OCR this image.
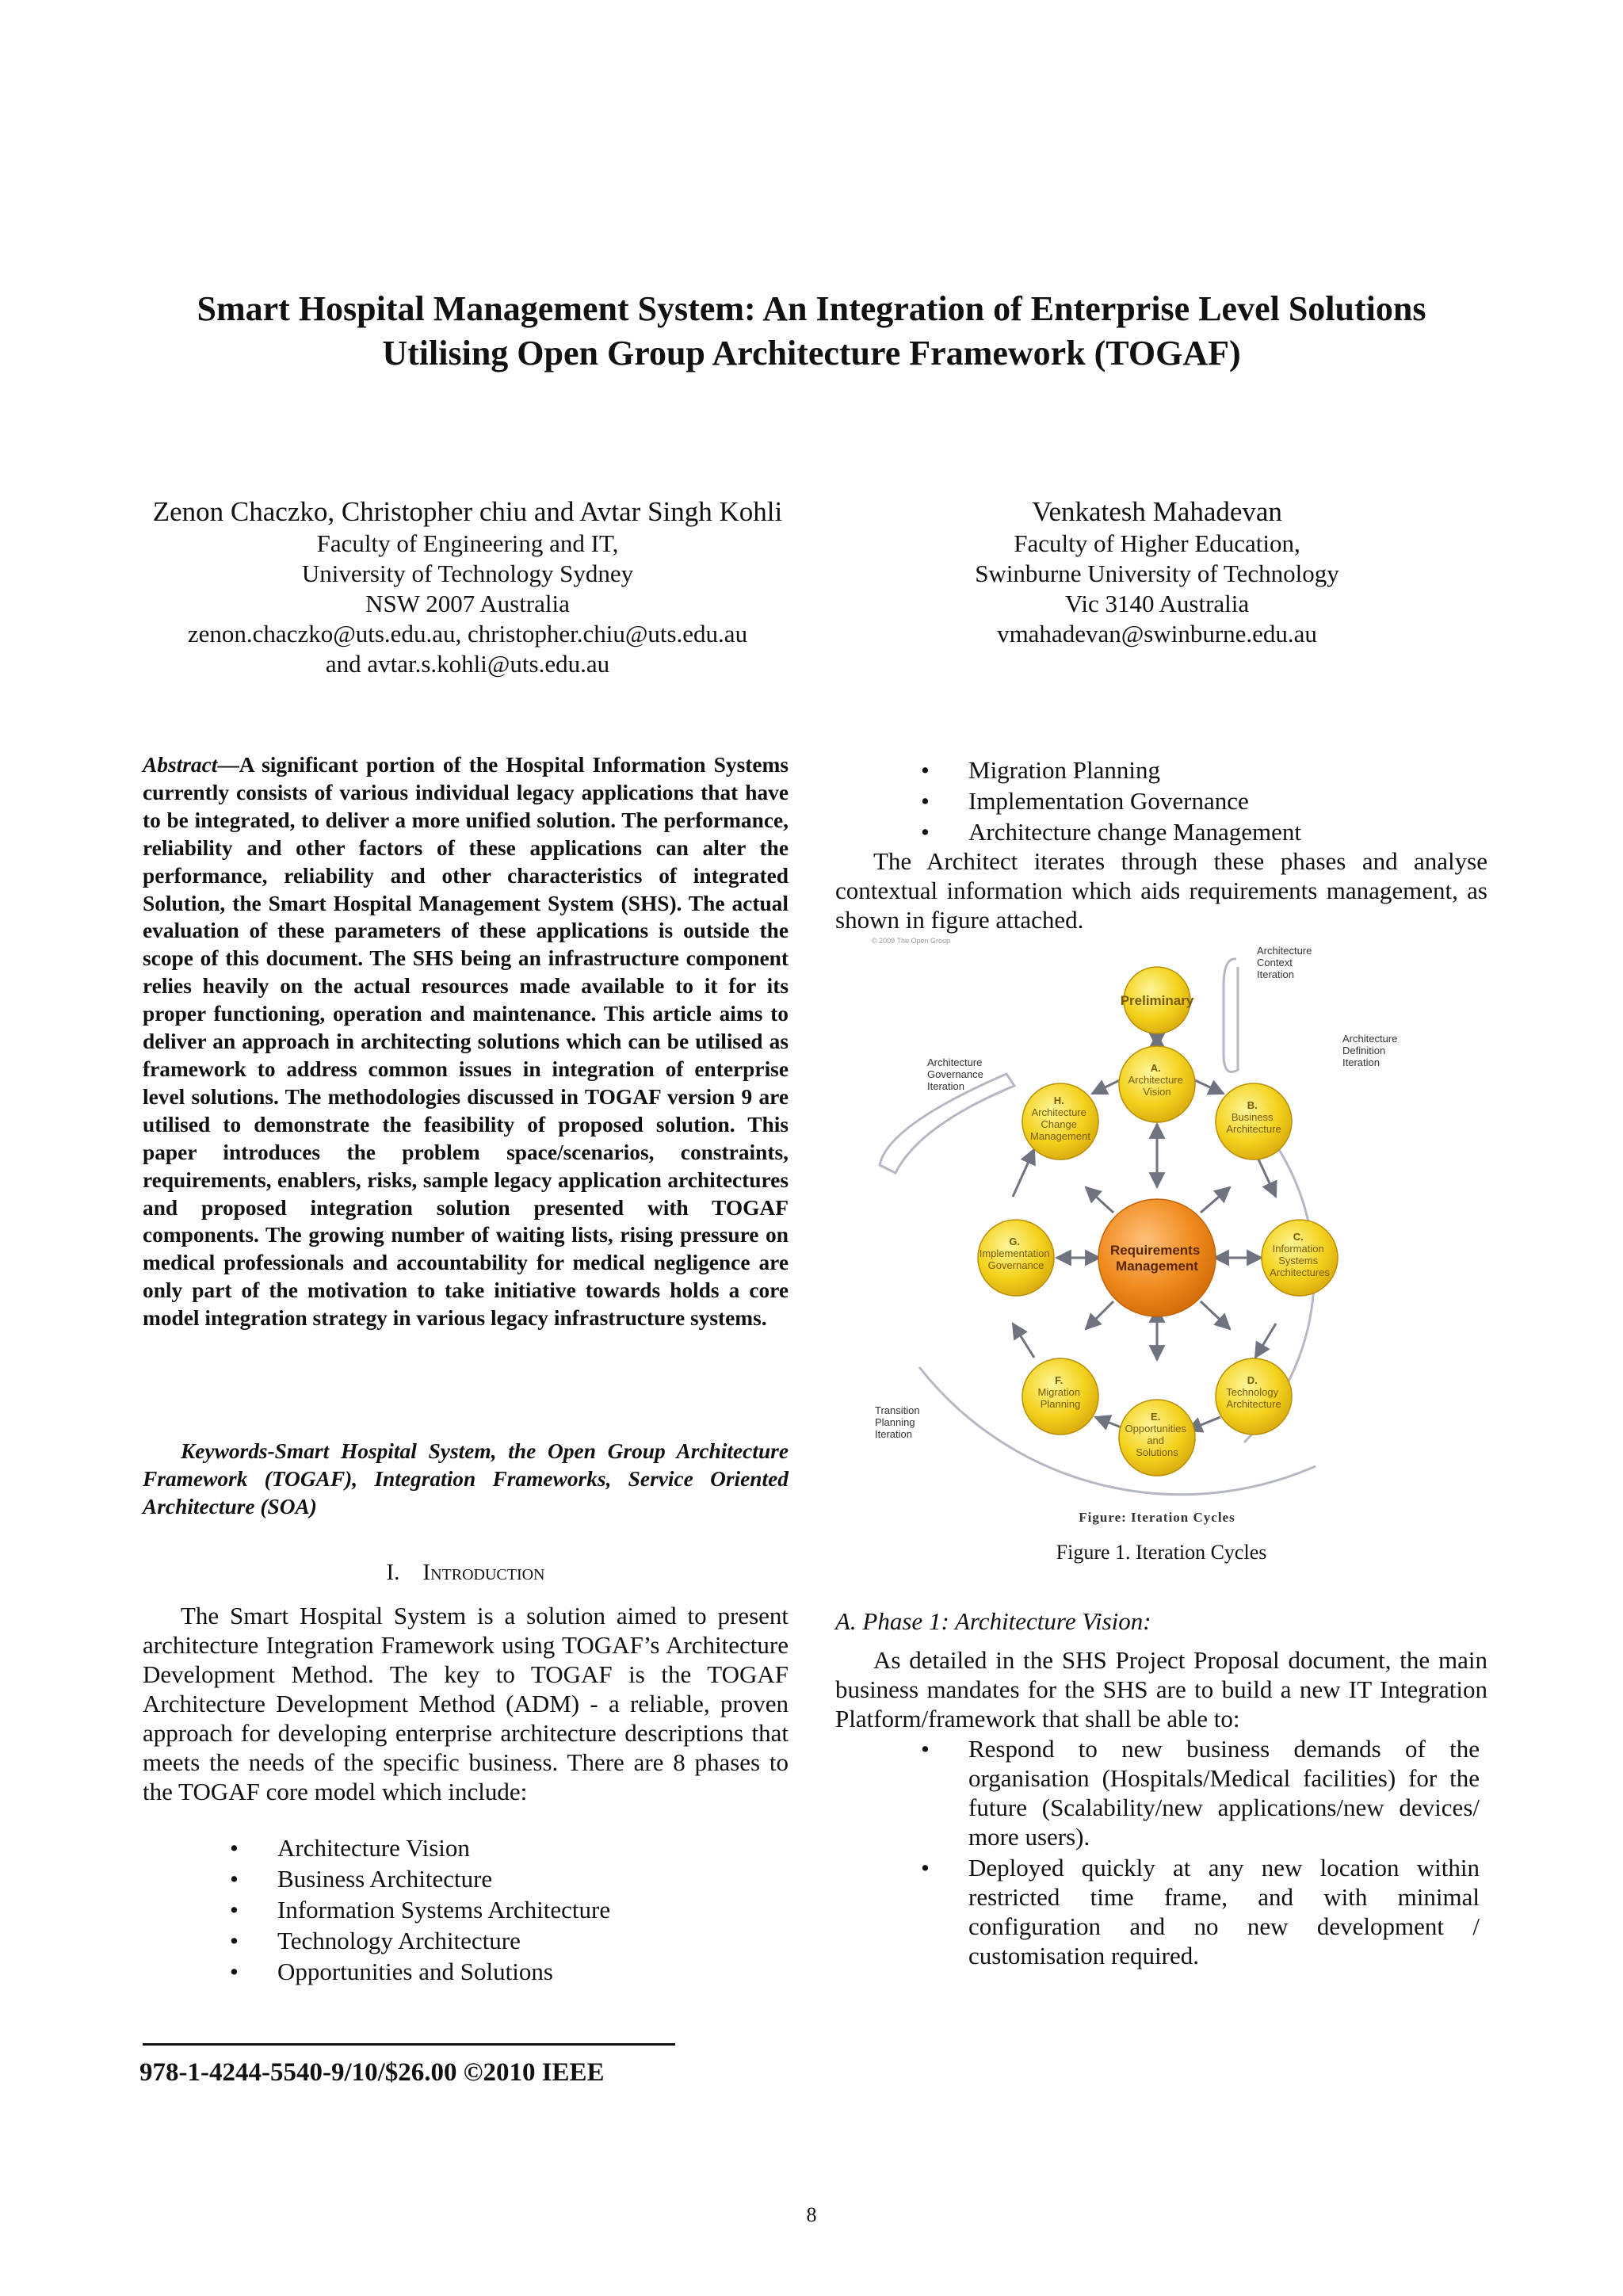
Smart Hospital Management System: An Integration of Enterprise Level Solutions
Utilising Open Group Architecture Framework (TOGAF)
Zenon Chaczko, Christopher chiu and Avtar Singh Kohli
Faculty of Engineering and IT,
University of Technology Sydney
NSW 2007 Australia
zenon.chaczko@uts.edu.au, christopher.chiu@uts.edu.au
and avtar.s.kohli@uts.edu.au
Venkatesh Mahadevan
Faculty of Higher Education,
Swinburne University of Technology
Vic 3140 Australia
vmahadevan@swinburne.edu.au
Abstract—A significant portion of the Hospital Information Systems currently consists of various individual legacy applications that have to be integrated, to deliver a more unified solution. The performance, reliability and other factors of these applications can alter the performance, reliability and other characteristics of integrated Solution, the Smart Hospital Management System (SHS). The actual evaluation of these parameters of these applications is outside the scope of this document. The SHS being an infrastructure component relies heavily on the actual resources made available to it for its proper functioning, operation and maintenance. This article aims to deliver an approach in architecting solutions which can be utilised as framework to address common issues in integration of enterprise level solutions. The methodologies discussed in TOGAF version 9 are utilised to demonstrate the feasibility of proposed solution. This paper introduces the problem space/scenarios, constraints, requirements, enablers, risks, sample legacy application architectures and proposed integration solution presented with TOGAF components. The growing number of waiting lists, rising pressure on medical professionals and accountability for medical negligence are only part of the motivation to take initiative towards holds a core model integration strategy in various legacy infrastructure systems.
Keywords-Smart Hospital System, the Open Group Architecture Framework (TOGAF), Integration Frameworks, Service Oriented Architecture (SOA)
I. Introduction
The Smart Hospital System is a solution aimed to present architecture Integration Framework using TOGAF’s Architecture Development Method. The key to TOGAF is the TOGAF Architecture Development Method (ADM) - a reliable, proven approach for developing enterprise architecture descriptions that meets the needs of the specific business. There are 8 phases to the TOGAF core model which include:
• Architecture Vision
• Business Architecture
• Information Systems Architecture
• Technology Architecture
• Opportunities and Solutions
• Migration Planning
• Implementation Governance
• Architecture change Management
The Architect iterates through these phases and analyse contextual information which aids requirements management, as shown in figure attached.
© 2009 The Open Group
Preliminary
Requirements Management
A. Architecture Vision
B. Business Architecture
C. Information Systems Architectures
D. Technology Architecture
E. Opportunities and Solutions
F. Migration Planning
G. Implementation Governance
H. Architecture Change Management
Architecture Context Iteration
Architecture Definition Iteration
Architecture Governance Iteration
Transition Planning Iteration
Figure: Iteration Cycles
Figure 1. Iteration Cycles
A. Phase 1: Architecture Vision:
As detailed in the SHS Project Proposal document, the main business mandates for the SHS are to build a new IT Integration Platform/framework that shall be able to:
• Respond to new business demands of the organisation (Hospitals/Medical facilities) for the future (Scalability/new applications/new devices/ more users).
• Deployed quickly at any new location within restricted time frame, and with minimal configuration and no new development / customisation required.
978-1-4244-5540-9/10/$26.00 ©2010 IEEE
8
